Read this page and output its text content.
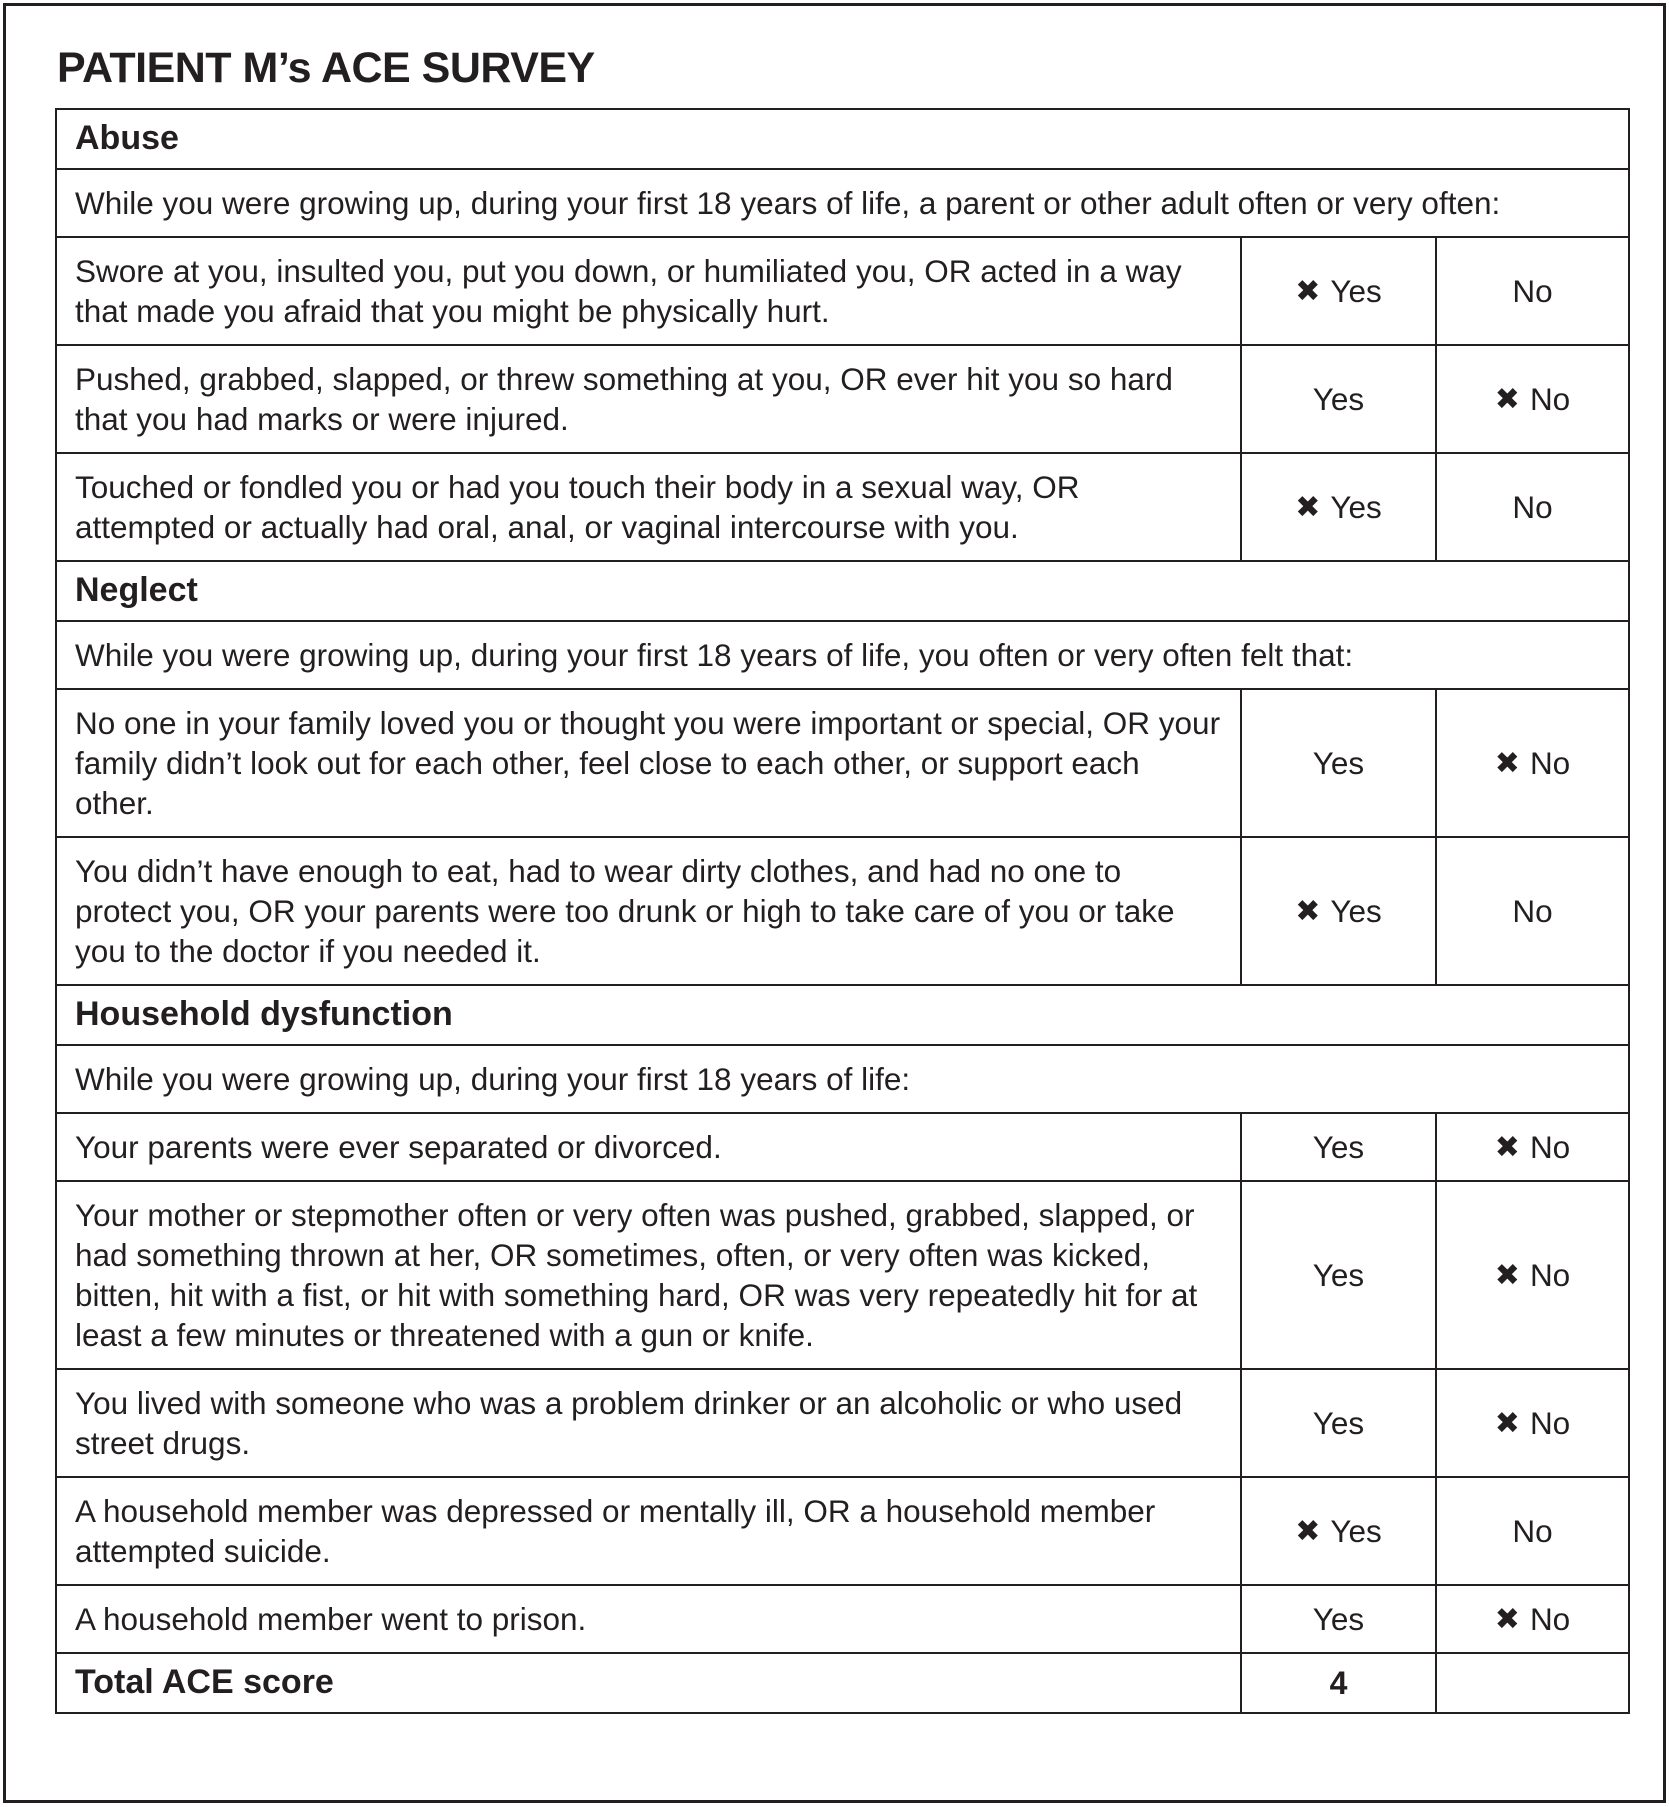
PATIENT M’s ACE SURVEY
Abuse		
While you were growing up, during your first 18 years of life, a parent or other adult often or very often:		
Swore at you, insulted you, put you down, or humiliated you, OR acted in a way that made you afraid that you might be physically hurt.	✖ Yes	No
Pushed, grabbed, slapped, or threw something at you, OR ever hit you so hard that you had marks or were injured.	Yes	✖ No
Touched or fondled you or had you touch their body in a sexual way, OR attempted or actually had oral, anal, or vaginal intercourse with you.	✖ Yes	No
Neglect		
While you were growing up, during your first 18 years of life, you often or very often felt that:		
No one in your family loved you or thought you were important or special, OR your family didn’t look out for each other, feel close to each other, or support each other.	Yes	✖ No
You didn’t have enough to eat, had to wear dirty clothes, and had no one to protect you, OR your parents were too drunk or high to take care of you or take you to the doctor if you needed it.	✖ Yes	No
Household dysfunction		
While you were growing up, during your first 18 years of life:		
Your parents were ever separated or divorced.	Yes	✖ No
Your mother or stepmother often or very often was pushed, grabbed, slapped, or had something thrown at her, OR sometimes, often, or very often was kicked, bitten, hit with a fist, or hit with something hard, OR was very repeatedly hit for at least a few minutes or threatened with a gun or knife.	Yes	✖ No
You lived with someone who was a problem drinker or an alcoholic or who used street drugs.	Yes	✖ No
A household member was depressed or mentally ill, OR a household member attempted suicide.	✖ Yes	No
A household member went to prison.	Yes	✖ No
Total ACE score	4	
